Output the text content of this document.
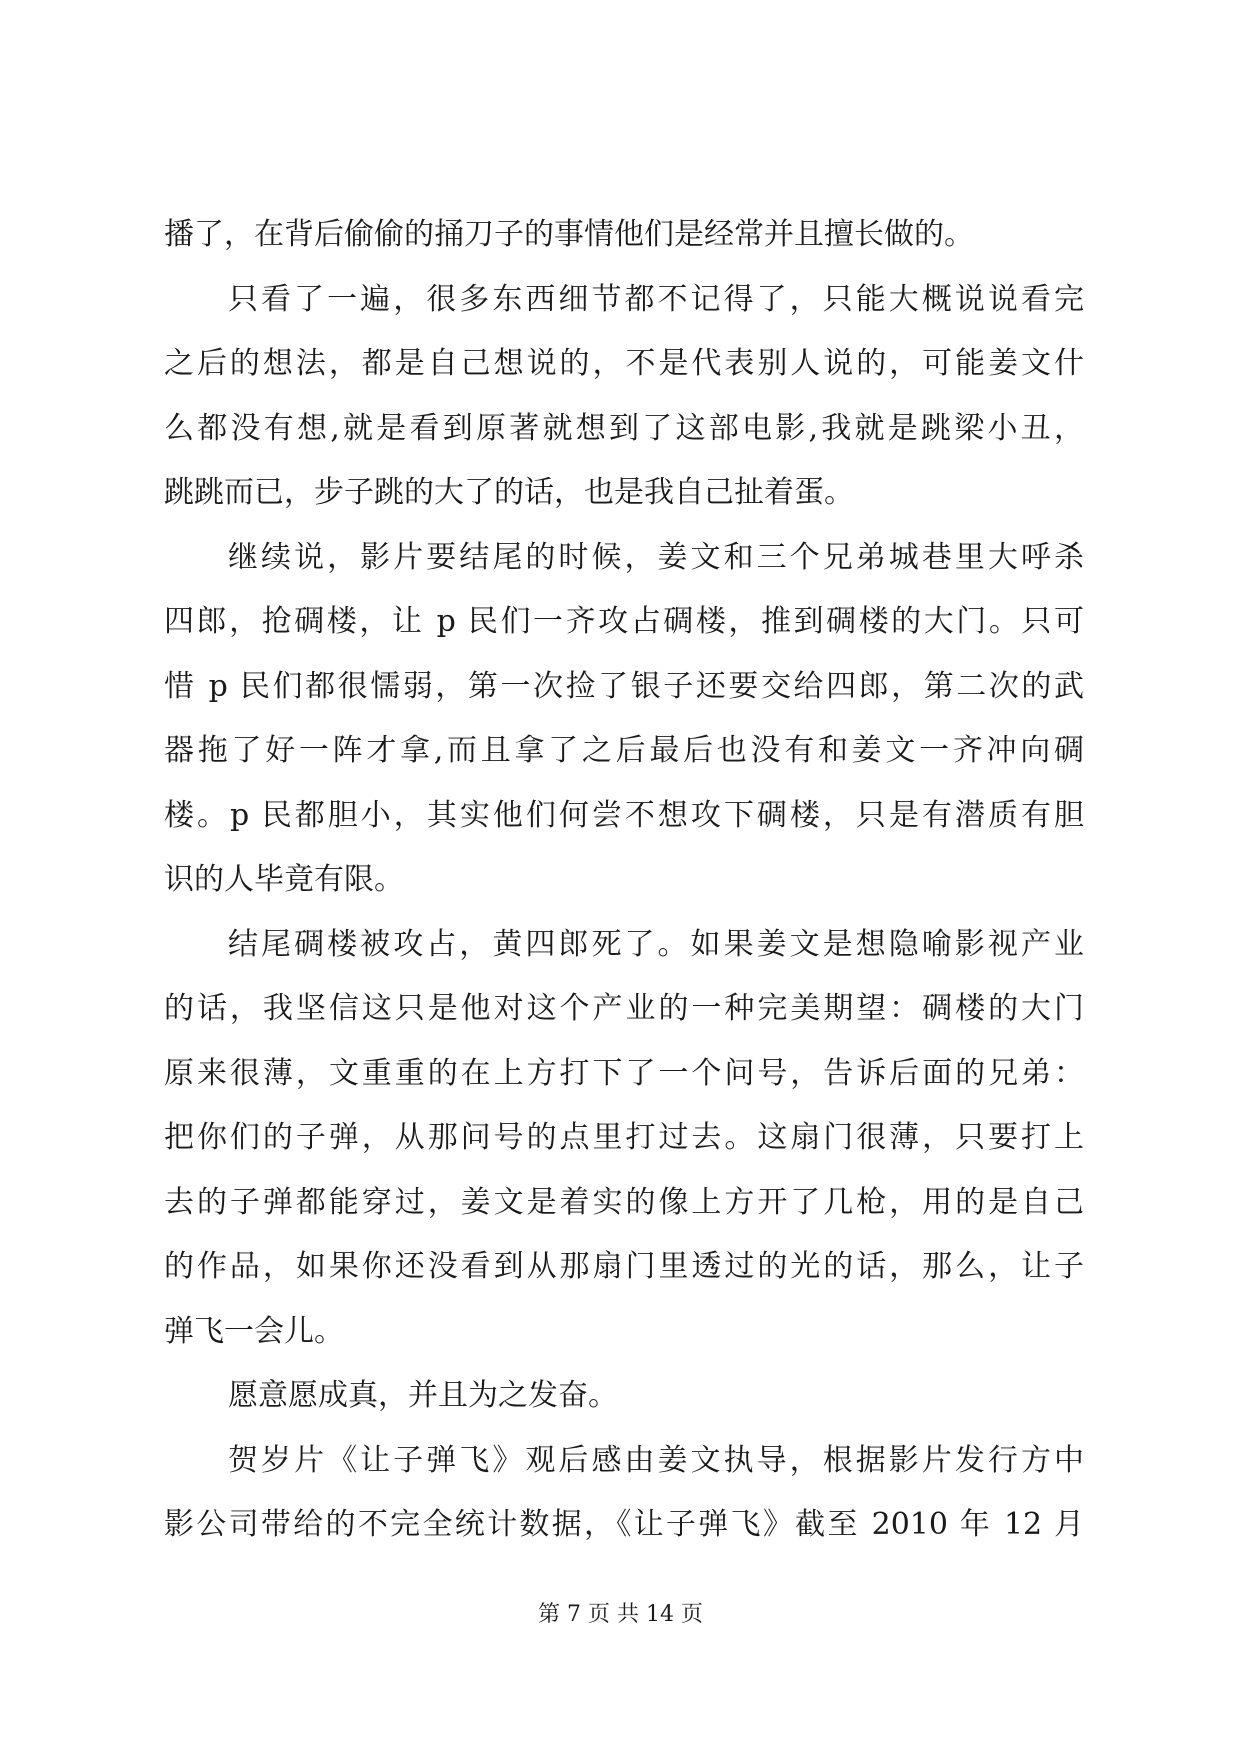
播了，在背后偷偷的捅刀子的事情他们是经常并且擅长做的。
只看了一遍，很多东西细节都不记得了，只能大概说说看完
之后的想法，都是自己想说的，不是代表别人说的，可能姜文什
么都没有想,就是看到原著就想到了这部电影,我就是跳梁小丑，
跳跳而已，步子跳的大了的话，也是我自己扯着蛋。
继续说，影片要结尾的时候，姜文和三个兄弟城巷里大呼杀
四郎，抢碉楼，让 p 民们一齐攻占碉楼，推到碉楼的大门。只可
惜 p 民们都很懦弱，第一次捡了银子还要交给四郎，第二次的武
器拖了好一阵才拿,而且拿了之后最后也没有和姜文一齐冲向碉
楼。p 民都胆小，其实他们何尝不想攻下碉楼，只是有潜质有胆
识的人毕竟有限。
结尾碉楼被攻占，黄四郎死了。如果姜文是想隐喻影视产业
的话，我坚信这只是他对这个产业的一种完美期望：碉楼的大门
原来很薄，文重重的在上方打下了一个问号，告诉后面的兄弟：
把你们的子弹，从那问号的点里打过去。这扇门很薄，只要打上
去的子弹都能穿过，姜文是着实的像上方开了几枪，用的是自己
的作品，如果你还没看到从那扇门里透过的光的话，那么，让子
弹飞一会儿。
愿意愿成真，并且为之发奋。
贺岁片《让子弹飞》观后感由姜文执导，根据影片发行方中
影公司带给的不完全统计数据，《让子弹飞》截至 2010 年 12 月
第 7 页 共 14 页
